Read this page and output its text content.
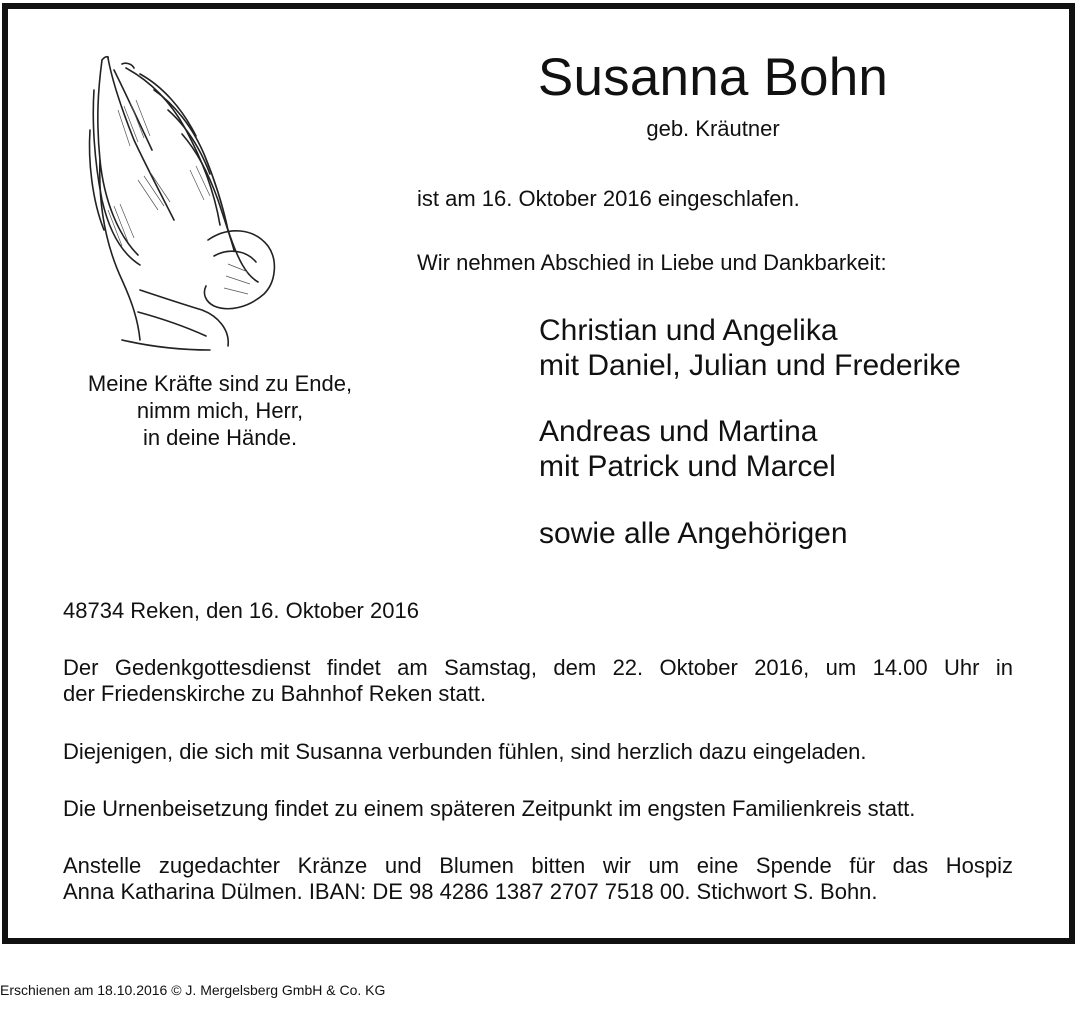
Susanna Bohn
geb. Kräutner
ist am 16. Oktober 2016 eingeschlafen.
Wir nehmen Abschied in Liebe und Dankbarkeit:
Meine Kräfte sind zu Ende,
nimm mich, Herr,
in deine Hände.
Christian und Angelika
mit Daniel, Julian und Frederike
Andreas und Martina
mit Patrick und Marcel
sowie alle Angehörigen
48734 Reken, den 16. Oktober 2016
Der Gedenkgottesdienst findet am Samstag, dem 22. Oktober 2016, um 14.00 Uhr in
der Friedenskirche zu Bahnhof Reken statt.
Diejenigen, die sich mit Susanna verbunden fühlen, sind herzlich dazu eingeladen.
Die Urnenbeisetzung findet zu einem späteren Zeitpunkt im engsten Familienkreis statt.
Anstelle zugedachter Kränze und Blumen bitten wir um eine Spende für das Hospiz
Anna Katharina Dülmen. IBAN: DE 98 4286 1387 2707 7518 00. Stichwort S. Bohn.
Erschienen am 18.10.2016 © J. Mergelsberg GmbH & Co. KG
